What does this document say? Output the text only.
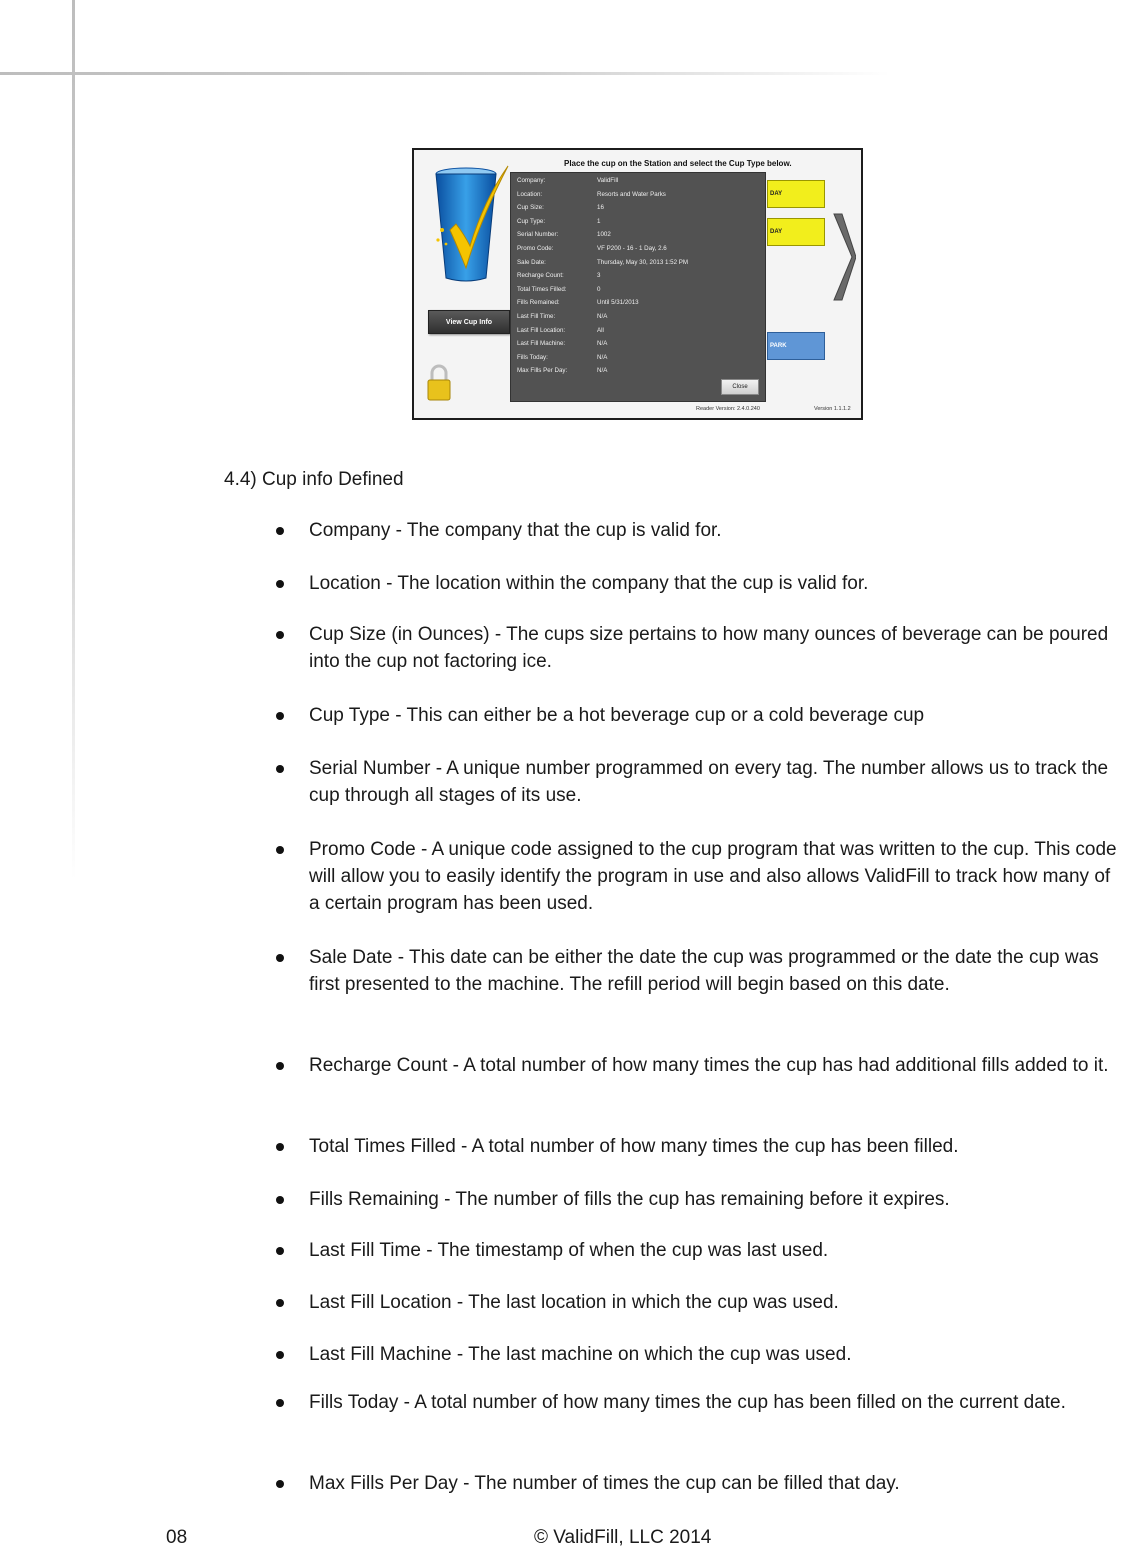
Place the cup on the Station and select the Cup Type below.
View Cup Info
DAY
DAY
PARK
Close
Company:	ValidFill
Location:	Resorts and Water Parks
Cup Size:	16
Cup Type:	1
Serial Number:	1002
Promo Code:	VF P200 - 16 - 1 Day, 2.6
Sale Date:	Thursday, May 30, 2013 1:52 PM
Recharge Count:	3
Total Times Filled:	0
Fills Remained:	Until 5/31/2013
Last Fill Time:	N/A
Last Fill Location:	All
Last Fill Machine:	N/A
Fills Today:	N/A
Max Fills Per Day:	N/A
Reader Version: 2.4.0.240	Version 1.1.1.2
4.4) Cup info Defined
Company - The company that the cup is valid for.
Location - The location within the company that the cup is valid for.
Cup Size (in Ounces) - The cups size pertains to how many ounces of beverage can be poured into the cup not factoring ice.
Cup Type - This can either be a hot beverage cup or a cold beverage cup
Serial Number - A unique number programmed on every tag. The number allows us to track the cup through all stages of its use.
Promo Code - A unique code assigned to the cup program that was written to the cup. This code will allow you to easily identify the program in use and also allows ValidFill to track how many of a certain program has been used.
Sale Date - This date can be either the date the cup was programmed or the date the cup was first presented to the machine. The refill period will begin based on this date.
Recharge Count - A total number of how many times the cup has had additional fills added to it.
Total Times Filled - A total number of how many times the cup has been filled.
Fills Remaining - The number of fills the cup has remaining before it expires.
Last Fill Time - The timestamp of when the cup was last used.
Last Fill Location - The last location in which the cup was used.
Last Fill Machine - The last machine on which the cup was used.
Fills Today - A total number of how many times the cup has been filled on the current date.
Max Fills Per Day - The number of times the cup can be filled that day.
08	© ValidFill, LLC 2014
